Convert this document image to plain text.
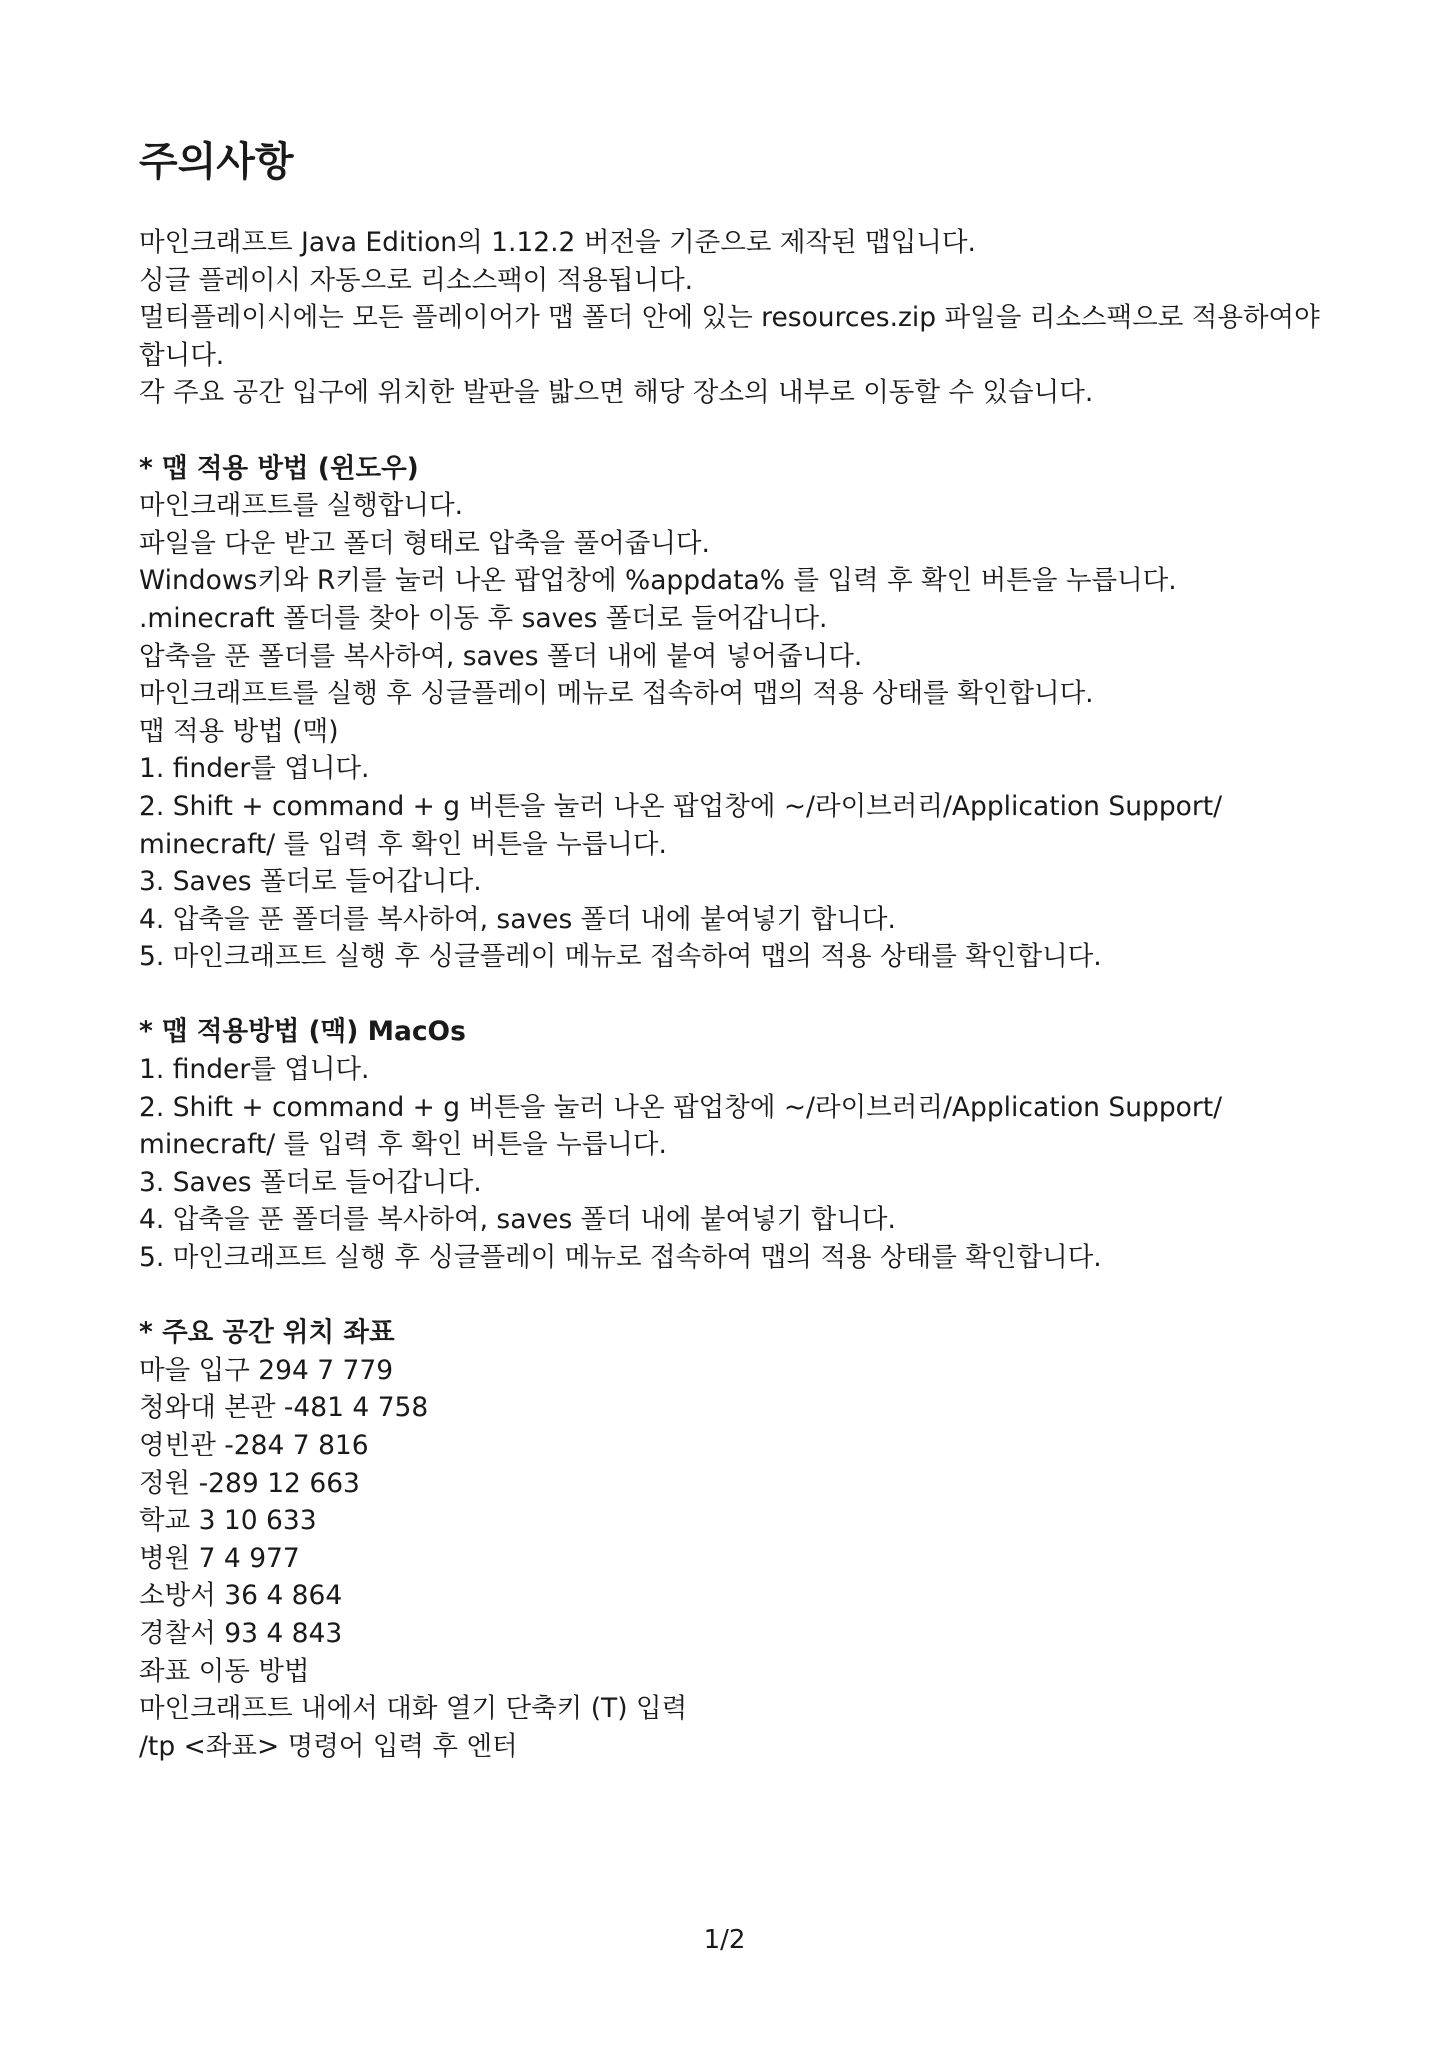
주의사항
마인크래프트 Java Edition의 1.12.2 버전을 기준으로 제작된 맵입니다.
싱글 플레이시 자동으로 리소스팩이 적용됩니다.
멀티플레이시에는 모든 플레이어가 맵 폴더 안에 있는 resources.zip 파일을 리소스팩으로 적용하여야
합니다.
각 주요 공간 입구에 위치한 발판을 밟으면 해당 장소의 내부로 이동할 수 있습니다.
* 맵 적용 방법 (윈도우)
마인크래프트를 실행합니다.
파일을 다운 받고 폴더 형태로 압축을 풀어줍니다.
Windows키와 R키를 눌러 나온 팝업창에 %appdata% 를 입력 후 확인 버튼을 누릅니다.
.minecraft 폴더를 찾아 이동 후 saves 폴더로 들어갑니다.
압축을 푼 폴더를 복사하여, saves 폴더 내에 붙여 넣어줍니다.
마인크래프트를 실행 후 싱글플레이 메뉴로 접속하여 맵의 적용 상태를 확인합니다.
맵 적용 방법 (맥)
1. finder를 엽니다.
2. Shift + command + g 버튼을 눌러 나온 팝업창에 ~/라이브러리/Application Support/
minecraft/ 를 입력 후 확인 버튼을 누릅니다.
3. Saves 폴더로 들어갑니다.
4. 압축을 푼 폴더를 복사하여, saves 폴더 내에 붙여넣기 합니다.
5. 마인크래프트 실행 후 싱글플레이 메뉴로 접속하여 맵의 적용 상태를 확인합니다.
* 맵 적용방법 (맥) MacOs
1. finder를 엽니다.
2. Shift + command + g 버튼을 눌러 나온 팝업창에 ~/라이브러리/Application Support/
minecraft/ 를 입력 후 확인 버튼을 누릅니다.
3. Saves 폴더로 들어갑니다.
4. 압축을 푼 폴더를 복사하여, saves 폴더 내에 붙여넣기 합니다.
5. 마인크래프트 실행 후 싱글플레이 메뉴로 접속하여 맵의 적용 상태를 확인합니다.
* 주요 공간 위치 좌표
마을 입구 294 7 779
청와대 본관 -481 4 758
영빈관 -284 7 816
정원 -289 12 663
학교 3 10 633
병원 7 4 977
소방서 36 4 864
경찰서 93 4 843
좌표 이동 방법
마인크래프트 내에서 대화 열기 단축키 (T) 입력
/tp <좌표> 명령어 입력 후 엔터
1/2
